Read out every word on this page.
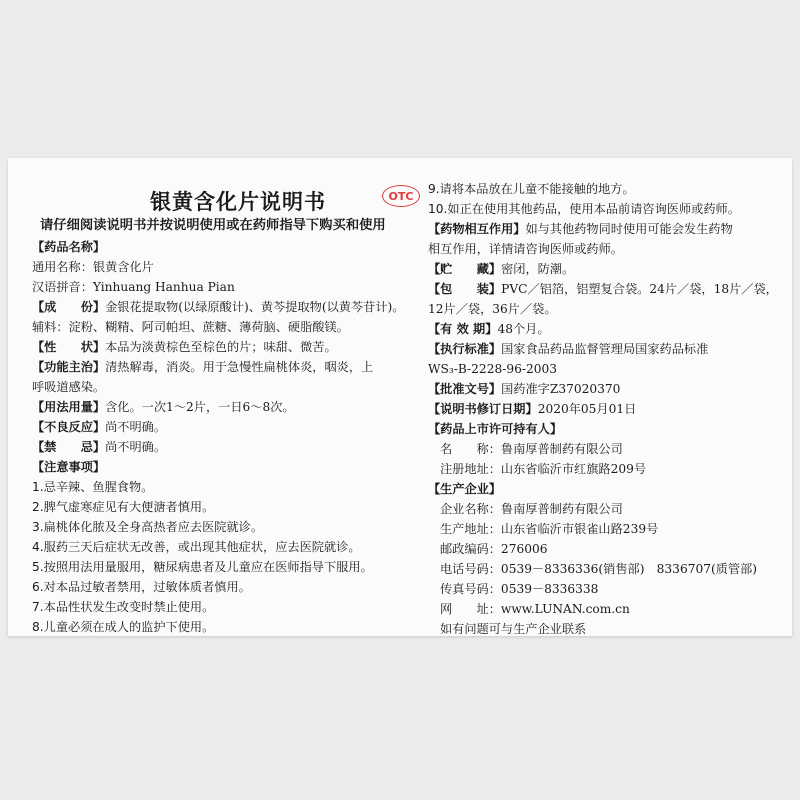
银黄含化片说明书	OTC
请仔细阅读说明书并按说明使用或在药师指导下购买和使用
【药品名称】
通用名称：银黄含化片
汉语拼音：Yinhuang Hanhua Pian
【成　　份】金银花提取物(以绿原酸计)、黄芩提取物(以黄芩苷计)。
辅料：淀粉、糊精、阿司帕坦、蔗糖、薄荷脑、硬脂酸镁。
【性　　状】本品为淡黄棕色至棕色的片；味甜、微苦。
【功能主治】清热解毒，消炎。用于急慢性扁桃体炎，咽炎，上
呼吸道感染。
【用法用量】含化。一次1～2片，一日6～8次。
【不良反应】尚不明确。
【禁　　忌】尚不明确。
【注意事项】
1.忌辛辣、鱼腥食物。
2.脾气虚寒症见有大便溏者慎用。
3.扁桃体化脓及全身高热者应去医院就诊。
4.服药三天后症状无改善，或出现其他症状，应去医院就诊。
5.按照用法用量服用，糖尿病患者及儿童应在医师指导下服用。
6.对本品过敏者禁用，过敏体质者慎用。
7.本品性状发生改变时禁止使用。
8.儿童必须在成人的监护下使用。
9.请将本品放在儿童不能接触的地方。
10.如正在使用其他药品，使用本品前请咨询医师或药师。
【药物相互作用】如与其他药物同时使用可能会发生药物
相互作用，详情请咨询医师或药师。
【贮　　藏】密闭，防潮。
【包　　装】PVC／铝箔，铝塑复合袋。24片／袋，18片／袋，
12片／袋，36片／袋。
【有 效 期】48个月。
【执行标准】国家食品药品监督管理局国家药品标准
WS₃-B-2228-96-2003
【批准文号】国药准字Z37020370
【说明书修订日期】2020年05月01日
【药品上市许可持有人】
名　　称：鲁南厚普制药有限公司
注册地址：山东省临沂市红旗路209号
【生产企业】
企业名称：鲁南厚普制药有限公司
生产地址：山东省临沂市银雀山路239号
邮政编码：276006
电话号码：0539－8336336(销售部)　8336707(质管部)
传真号码：0539－8336338
网　　址：www.LUNAN.com.cn
如有问题可与生产企业联系
